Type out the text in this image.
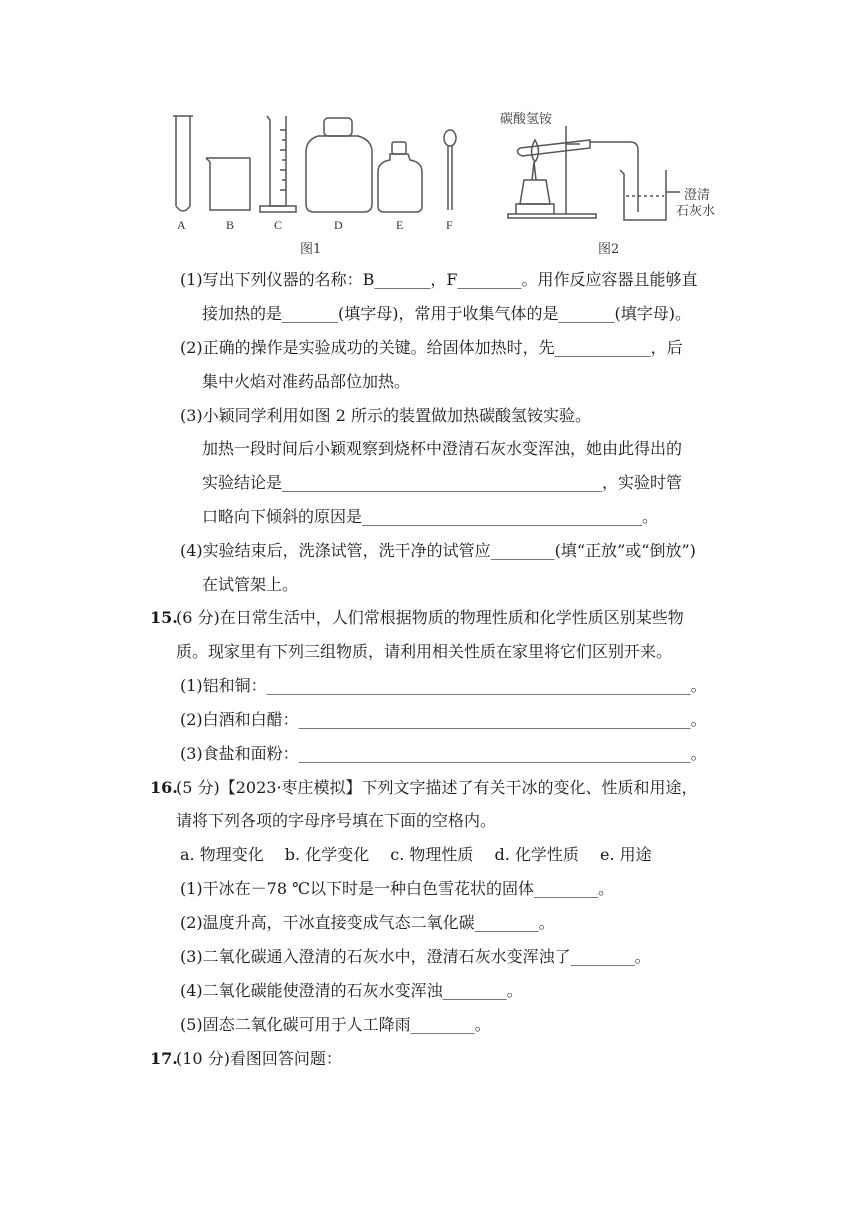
A	B	C	D	E	F
图1
碳酸氢铵
澄清
石灰水
图2
(1)写出下列仪器的名称：B_______，F________。用作反应容器且能够直
接加热的是_______(填字母)，常用于收集气体的是_______(填字母)。
(2)正确的操作是实验成功的关键。给固体加热时，先____________，后
集中火焰对准药品部位加热。
(3)小颖同学利用如图 2 所示的装置做加热碳酸氢铵实验。
加热一段时间后小颖观察到烧杯中澄清石灰水变浑浊，她由此得出的
实验结论是________________________________________，实验时管
口略向下倾斜的原因是___________________________________。
(4)实验结束后，洗涤试管，洗干净的试管应________(填“正放”或“倒放”)
在试管架上。
15.
(6 分)在日常生活中，人们常根据物质的物理性质和化学性质区别某些物
质。现家里有下列三组物质，请利用相关性质在家里将它们区别开来。
(1)铝和铜：_____________________________________________________。
(2)白酒和白醋：_________________________________________________。
(3)食盐和面粉：_________________________________________________。
16.
(5 分)【2023·枣庄模拟】下列文字描述了有关干冰的变化、性质和用途，
请将下列各项的字母序号填在下面的空格内。
a. 物理变化　 b. 化学变化　 c. 物理性质　 d. 化学性质　 e. 用途
(1)干冰在－78 ℃以下时是一种白色雪花状的固体________。
(2)温度升高，干冰直接变成气态二氧化碳________。
(3)二氧化碳通入澄清的石灰水中，澄清石灰水变浑浊了________。
(4)二氧化碳能使澄清的石灰水变浑浊________。
(5)固态二氧化碳可用于人工降雨________。
17.
(10 分)看图回答问题：
